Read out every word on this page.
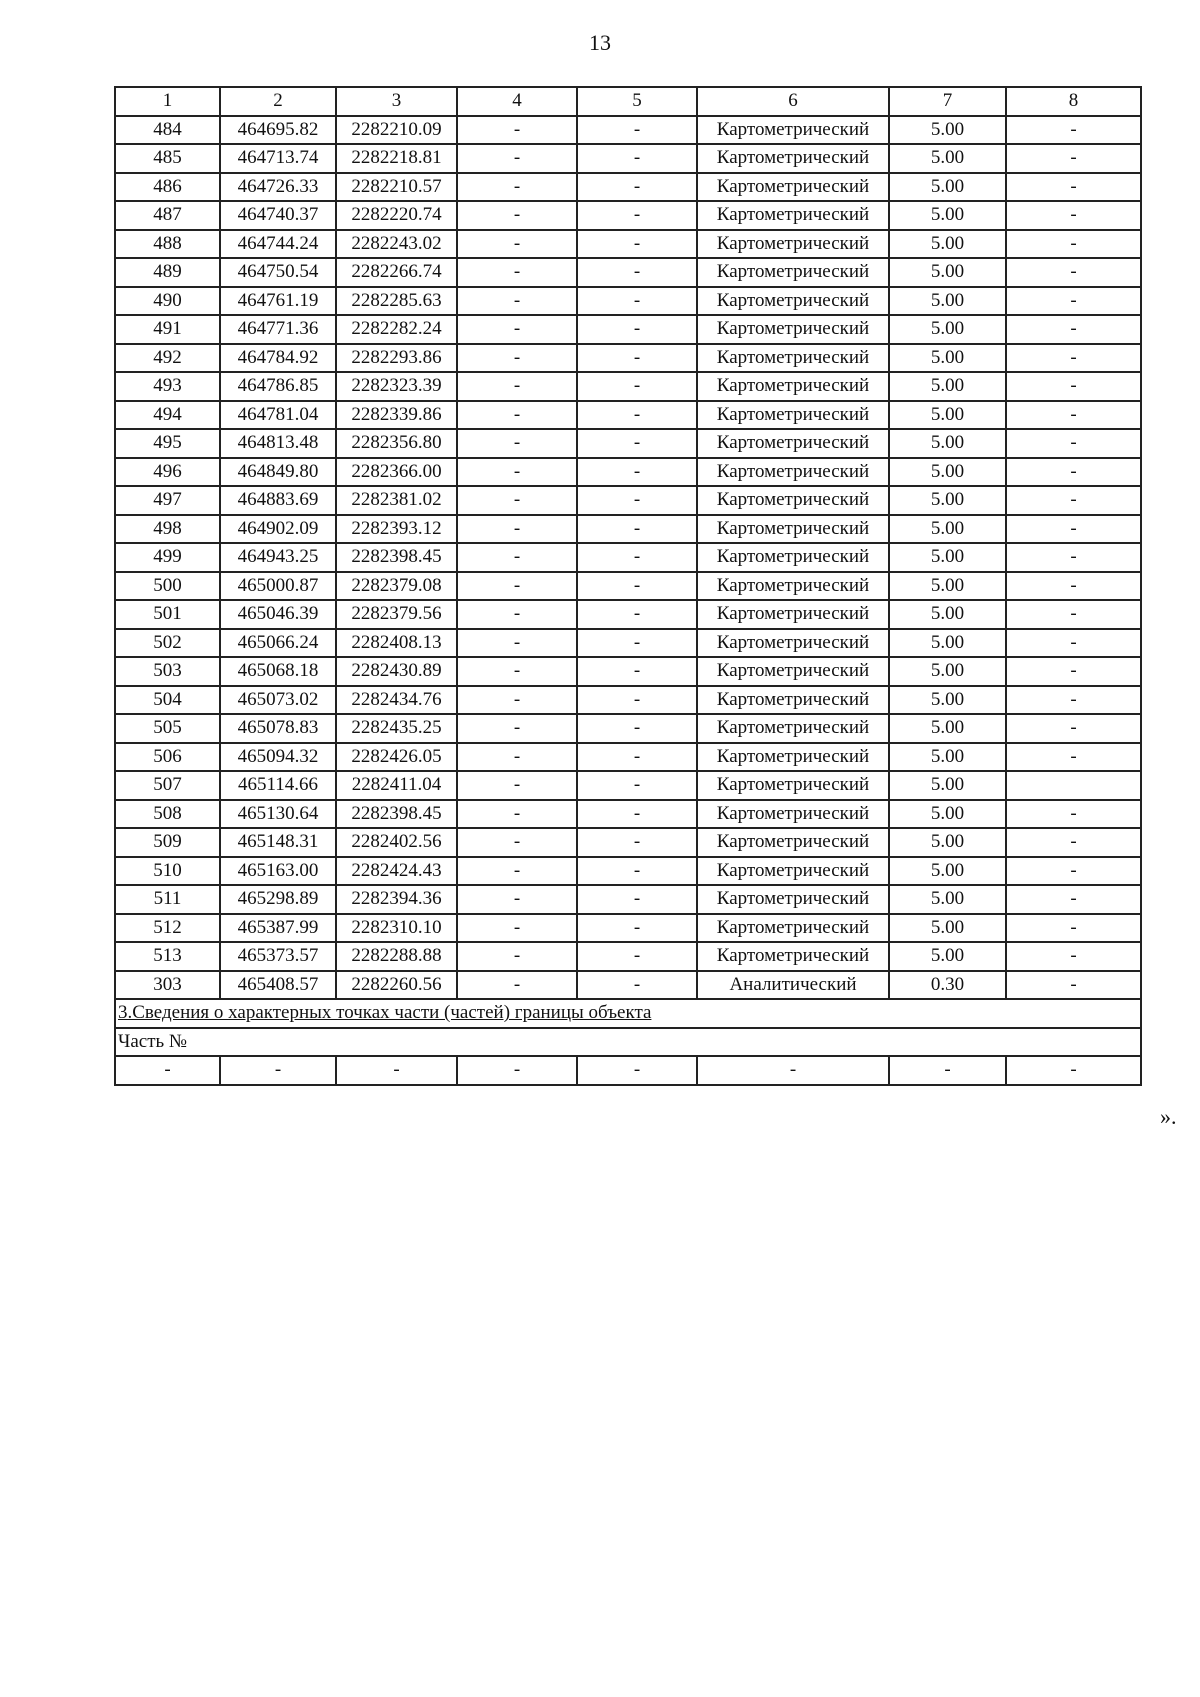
13
1	2	3	4	5	6	7	8
484	464695.82	2282210.09	-	-	Картометрический	5.00	-
485	464713.74	2282218.81	-	-	Картометрический	5.00	-
486	464726.33	2282210.57	-	-	Картометрический	5.00	-
487	464740.37	2282220.74	-	-	Картометрический	5.00	-
488	464744.24	2282243.02	-	-	Картометрический	5.00	-
489	464750.54	2282266.74	-	-	Картометрический	5.00	-
490	464761.19	2282285.63	-	-	Картометрический	5.00	-
491	464771.36	2282282.24	-	-	Картометрический	5.00	-
492	464784.92	2282293.86	-	-	Картометрический	5.00	-
493	464786.85	2282323.39	-	-	Картометрический	5.00	-
494	464781.04	2282339.86	-	-	Картометрический	5.00	-
495	464813.48	2282356.80	-	-	Картометрический	5.00	-
496	464849.80	2282366.00	-	-	Картометрический	5.00	-
497	464883.69	2282381.02	-	-	Картометрический	5.00	-
498	464902.09	2282393.12	-	-	Картометрический	5.00	-
499	464943.25	2282398.45	-	-	Картометрический	5.00	-
500	465000.87	2282379.08	-	-	Картометрический	5.00	-
501	465046.39	2282379.56	-	-	Картометрический	5.00	-
502	465066.24	2282408.13	-	-	Картометрический	5.00	-
503	465068.18	2282430.89	-	-	Картометрический	5.00	-
504	465073.02	2282434.76	-	-	Картометрический	5.00	-
505	465078.83	2282435.25	-	-	Картометрический	5.00	-
506	465094.32	2282426.05	-	-	Картометрический	5.00	-
507	465114.66	2282411.04	-	-	Картометрический	5.00	
508	465130.64	2282398.45	-	-	Картометрический	5.00	-
509	465148.31	2282402.56	-	-	Картометрический	5.00	-
510	465163.00	2282424.43	-	-	Картометрический	5.00	-
511	465298.89	2282394.36	-	-	Картометрический	5.00	-
512	465387.99	2282310.10	-	-	Картометрический	5.00	-
513	465373.57	2282288.88	-	-	Картометрический	5.00	-
303	465408.57	2282260.56	-	-	Аналитический	0.30	-
3.Сведения о характерных точках части (частей) границы объекта							
Часть №							
-	-	-	-	-	-	-	-
».
